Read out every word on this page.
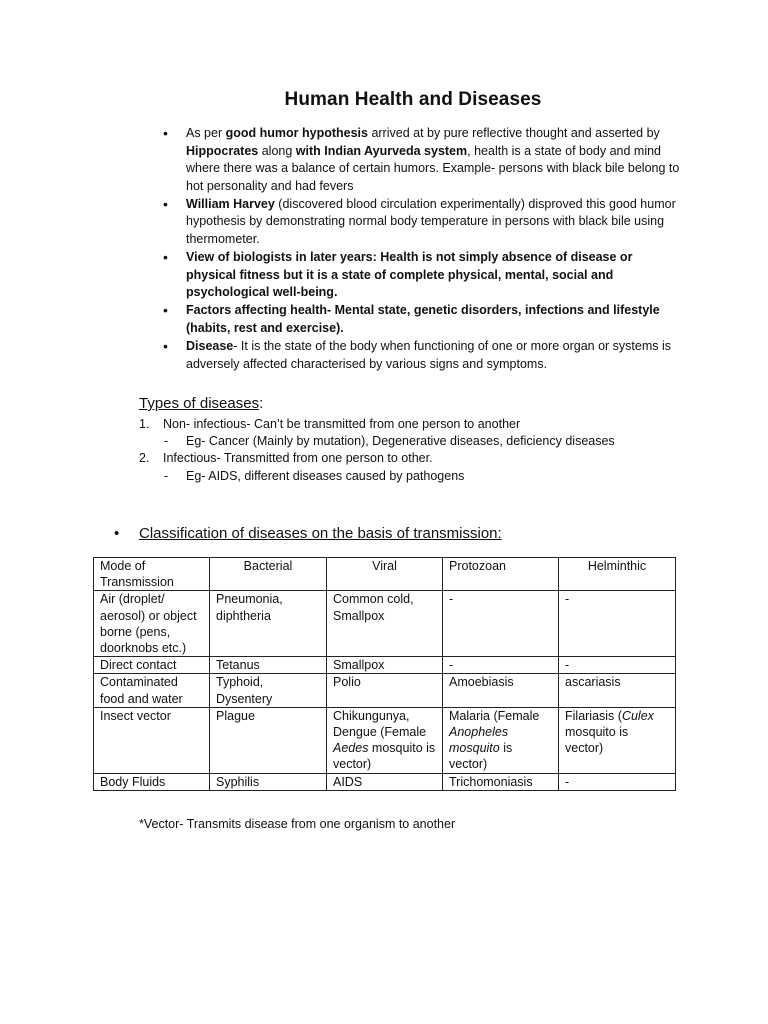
Human Health and Diseases
• As per good humor hypothesis arrived at by pure reflective thought and asserted by Hippocrates along with Indian Ayurveda system, health is a state of body and mind where there was a balance of certain humors. Example- persons with black bile belong to hot personality and had fevers
• William Harvey (discovered blood circulation experimentally) disproved this good humor hypothesis by demonstrating normal body temperature in persons with black bile using thermometer.
• View of biologists in later years: Health is not simply absence of disease or physical fitness but it is a state of complete physical, mental, social and psychological well-being.
• Factors affecting health- Mental state, genetic disorders, infections and lifestyle (habits, rest and exercise).
• Disease- It is the state of the body when functioning of one or more organ or systems is adversely affected characterised by various signs and symptoms.
Types of diseases:
1. Non- infectious- Can’t be transmitted from one person to another
- Eg- Cancer (Mainly by mutation), Degenerative diseases, deficiency diseases
2. Infectious- Transmitted from one person to other.
- Eg- AIDS, different diseases caused by pathogens
• Classification of diseases on the basis of transmission:
Mode of Transmission	Bacterial	Viral	Protozoan	Helminthic
Air (droplet/ aerosol) or object borne (pens, doorknobs etc.)	Pneumonia, diphtheria	Common cold, Smallpox	-	-
Direct contact	Tetanus	Smallpox	-	-
Contaminated food and water	Typhoid, Dysentery	Polio	Amoebiasis	ascariasis
Insect vector	Plague	Chikungunya, Dengue (Female Aedes mosquito is vector)	Malaria (Female Anopheles mosquito is vector)	Filariasis (Culex mosquito is vector)
Body Fluids	Syphilis	AIDS	Trichomoniasis	-
*Vector- Transmits disease from one organism to another
